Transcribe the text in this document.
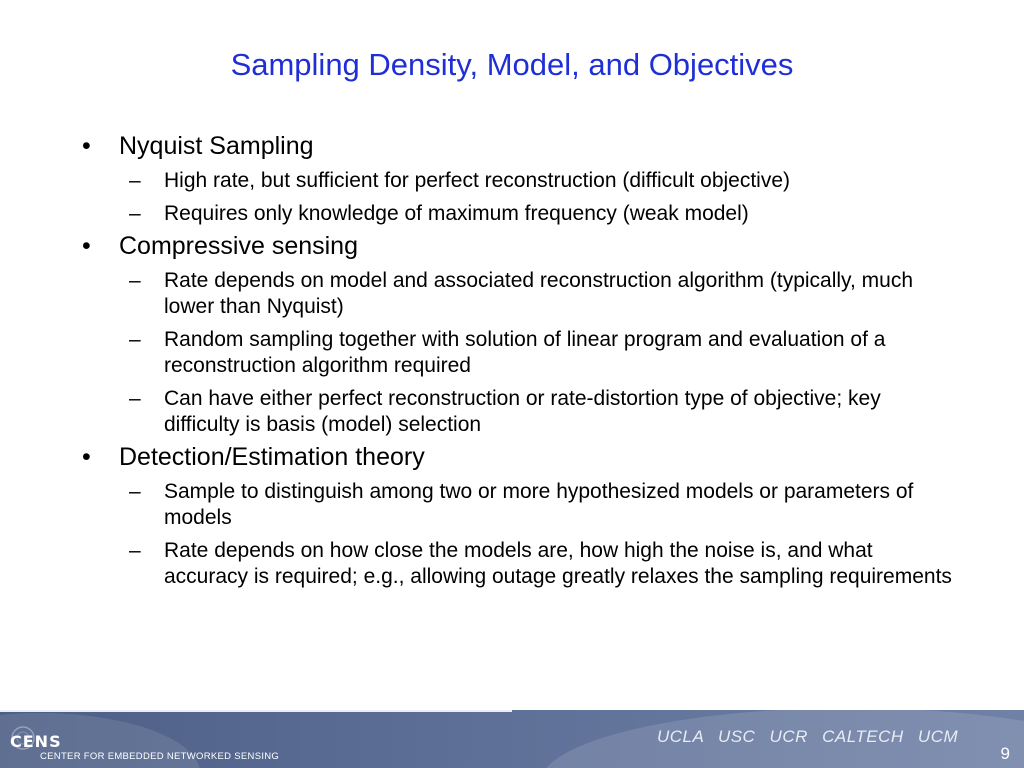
Sampling Density, Model, and Objectives
• Nyquist Sampling
– High rate, but sufficient for perfect reconstruction (difficult objective)
– Requires only knowledge of maximum frequency (weak model)
• Compressive sensing
– Rate depends on model and associated reconstruction algorithm (typically, much lower than Nyquist)
– Random sampling together with solution of linear program and evaluation of a reconstruction algorithm required
– Can have either perfect reconstruction or rate-distortion type of objective; key difficulty is basis (model) selection
• Detection/Estimation theory
– Sample to distinguish among two or more hypothesized models or parameters of models
– Rate depends on how close the models are, how high the noise is, and what accuracy is required; e.g., allowing outage greatly relaxes the sampling requirements
CENS
CENTER FOR EMBEDDED NETWORKED SENSING
UCLA USC UCR CALTECH UCM
9
